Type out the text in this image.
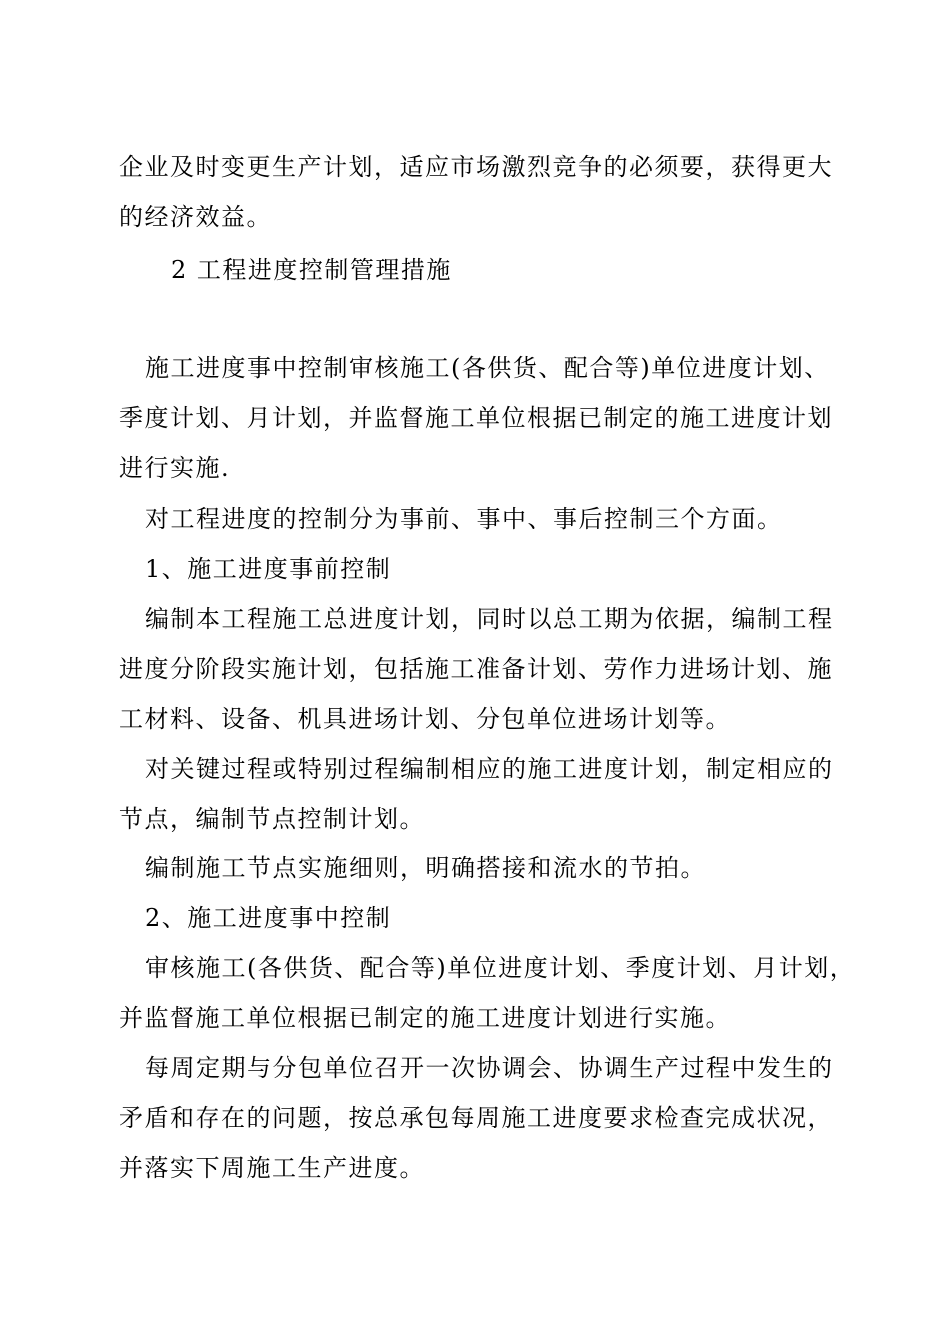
企业及时变更生产计划，适应市场激烈竞争的必须要，获得更大
的经济效益。
2 工程进度控制管理措施
施工进度事中控制审核施工(各供货、配合等)单位进度计划、
季度计划、月计划，并监督施工单位根据已制定的施工进度计划
进行实施.
对工程进度的控制分为事前、事中、事后控制三个方面。
1、施工进度事前控制
编制本工程施工总进度计划，同时以总工期为依据，编制工程
进度分阶段实施计划，包括施工准备计划、劳作力进场计划、施
工材料、设备、机具进场计划、分包单位进场计划等。
对关键过程或特别过程编制相应的施工进度计划，制定相应的
节点，编制节点控制计划。
编制施工节点实施细则，明确搭接和流水的节拍。
2、施工进度事中控制
审核施工(各供货、配合等)单位进度计划、季度计划、月计划，
并监督施工单位根据已制定的施工进度计划进行实施。
每周定期与分包单位召开一次协调会、协调生产过程中发生的
矛盾和存在的问题，按总承包每周施工进度要求检查完成状况，
并落实下周施工生产进度。
